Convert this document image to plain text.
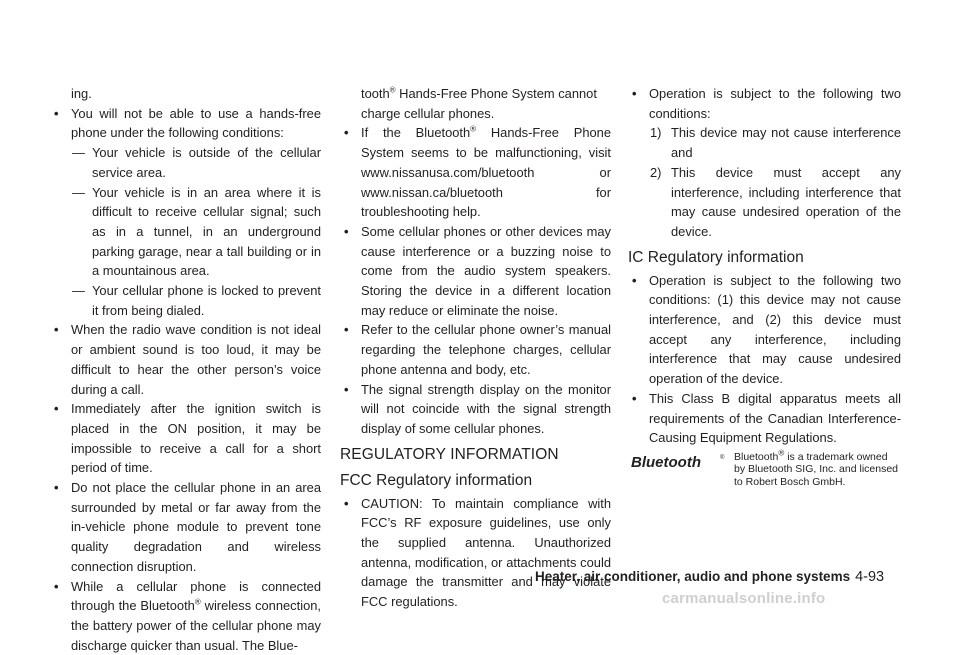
ing.
• You will not be able to use a hands-free phone under the following conditions:
— Your vehicle is outside of the cellular service area.
— Your vehicle is in an area where it is difficult to receive cellular signal; such as in a tunnel, in an underground parking garage, near a tall building or in a mountainous area.
— Your cellular phone is locked to prevent it from being dialed.
• When the radio wave condition is not ideal or ambient sound is too loud, it may be difficult to hear the other person’s voice during a call.
• Immediately after the ignition switch is placed in the ON position, it may be impossible to receive a call for a short period of time.
• Do not place the cellular phone in an area surrounded by metal or far away from the in-vehicle phone module to prevent tone quality degradation and wireless connection disruption.
• While a cellular phone is connected through the Bluetooth® wireless connection, the battery power of the cellular phone may discharge quicker than usual. The Blue-
tooth® Hands-Free Phone System cannot charge cellular phones.
• If the Bluetooth® Hands-Free Phone System seems to be malfunctioning, visit www.nissanusa.com/bluetooth or www.nissan.ca/bluetooth for troubleshooting help.
• Some cellular phones or other devices may cause interference or a buzzing noise to come from the audio system speakers. Storing the device in a different location may reduce or eliminate the noise.
• Refer to the cellular phone owner’s manual regarding the telephone charges, cellular phone antenna and body, etc.
• The signal strength display on the monitor will not coincide with the signal strength display of some cellular phones.
REGULATORY INFORMATION
FCC Regulatory information
• CAUTION: To maintain compliance with FCC’s RF exposure guidelines, use only the supplied antenna. Unauthorized antenna, modification, or attachments could damage the transmitter and may violate FCC regulations.
• Operation is subject to the following two conditions:
1) This device may not cause interference and
2) This device must accept any interference, including interference that may cause undesired operation of the device.
IC Regulatory information
• Operation is subject to the following two conditions: (1) this device may not cause interference, and (2) this device must accept any interference, including interference that may cause undesired operation of the device.
• This Class B digital apparatus meets all requirements of the Canadian Interference-Causing Equipment Regulations.
Bluetooth	® Bluetooth® is a trademark owned by Bluetooth SIG, Inc. and licensed to Robert Bosch GmbH.
Heater, air conditioner, audio and phone systems 4-93
carmanualsonline.info
